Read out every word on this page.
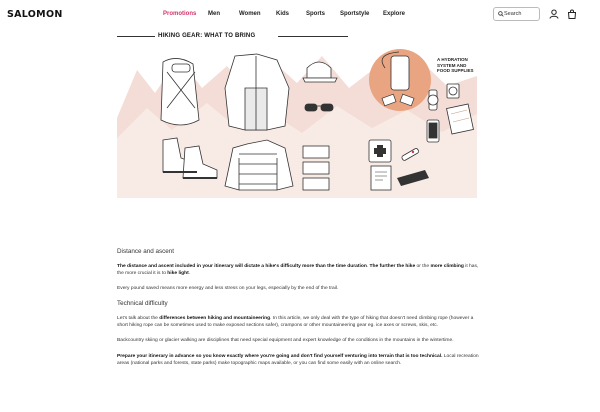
SALOMON	Promotions Men	Women	Kids	Sports Sportstyle Explore	Search
HIKING GEAR: WHAT TO BRING
A HYDRATION SYSTEM AND FOOD SUPPLIES
Distance and ascent

The distance and ascent included in your itinerary will dictate a hike's difficulty more than the time duration. The further the hike or the more climbing it has, the more crucial it is to hike light.

Every pound saved means more energy and less stress on your legs, especially by the end of the trail.

Technical difficulty

Let's talk about the differences between hiking and mountaineering. In this article, we only deal with the type of hiking that doesn't need climbing rope (however a short hiking rope can be sometimes used to make exposed sections safer), crampons or other mountaineering gear eg. ice axes or screws, skis, etc.

Backcountry skiing or glacier walking are disciplines that need special equipment and expert knowledge of the conditions in the mountains in the wintertime.

Prepare your itinerary in advance so you know exactly where you're going and don't find yourself venturing into terrain that is too technical. Local recreation areas (national parks and forests, state parks) make topographic maps available, or you can find some easily with an online search.
